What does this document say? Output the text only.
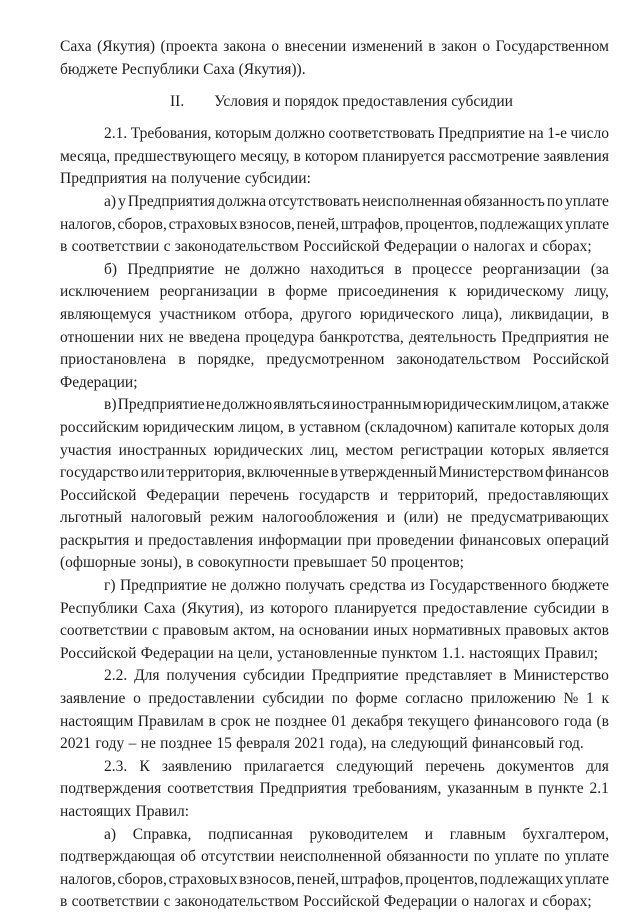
Саха (Якутия) (проекта закона о внесении изменений в закон о Государственном
бюджете Республики Саха (Якутия)).
II. Условия и порядок предоставления субсидии
2.1. Требования, которым должно соответствовать Предприятие на 1-е число
месяца, предшествующего месяцу, в котором планируется рассмотрение заявления
Предприятия на получение субсидии:
а) у Предприятия должна отсутствовать неисполненная обязанность по уплате
налогов, сборов, страховых взносов, пеней, штрафов, процентов, подлежащих уплате
в соответствии с законодательством Российской Федерации о налогах и сборах;
б) Предприятие не должно находиться в процессе реорганизации (за
исключением реорганизации в форме присоединения к юридическому лицу,
являющемуся участником отбора, другого юридического лица), ликвидации, в
отношении них не введена процедура банкротства, деятельность Предприятия не
приостановлена в порядке, предусмотренном законодательством Российской
Федерации;
в) Предприятие не должно являться иностранным юридическим лицом, а также
российским юридическим лицом, в уставном (складочном) капитале которых доля
участия иностранных юридических лиц, местом регистрации которых является
государство или территория, включенные в утвержденный Министерством финансов
Российской Федерации перечень государств и территорий, предоставляющих
льготный налоговый режим налогообложения и (или) не предусматривающих
раскрытия и предоставления информации при проведении финансовых операций
(офшорные зоны), в совокупности превышает 50 процентов;
г) Предприятие не должно получать средства из Государственного бюджете
Республики Саха (Якутия), из которого планируется предоставление субсидии в
соответствии с правовым актом, на основании иных нормативных правовых актов
Российской Федерации на цели, установленные пунктом 1.1. настоящих Правил;
2.2. Для получения субсидии Предприятие представляет в Министерство
заявление о предоставлении субсидии по форме согласно приложению № 1 к
настоящим Правилам в срок не позднее 01 декабря текущего финансового года (в
2021 году – не позднее 15 февраля 2021 года), на следующий финансовый год.
2.3. К заявлению прилагается следующий перечень документов для
подтверждения соответствия Предприятия требованиям, указанным в пункте 2.1
настоящих Правил:
а) Справка, подписанная руководителем и главным бухгалтером,
подтверждающая об отсутствии неисполненной обязанности по уплате по уплате
налогов, сборов, страховых взносов, пеней, штрафов, процентов, подлежащих уплате
в соответствии с законодательством Российской Федерации о налогах и сборах;
